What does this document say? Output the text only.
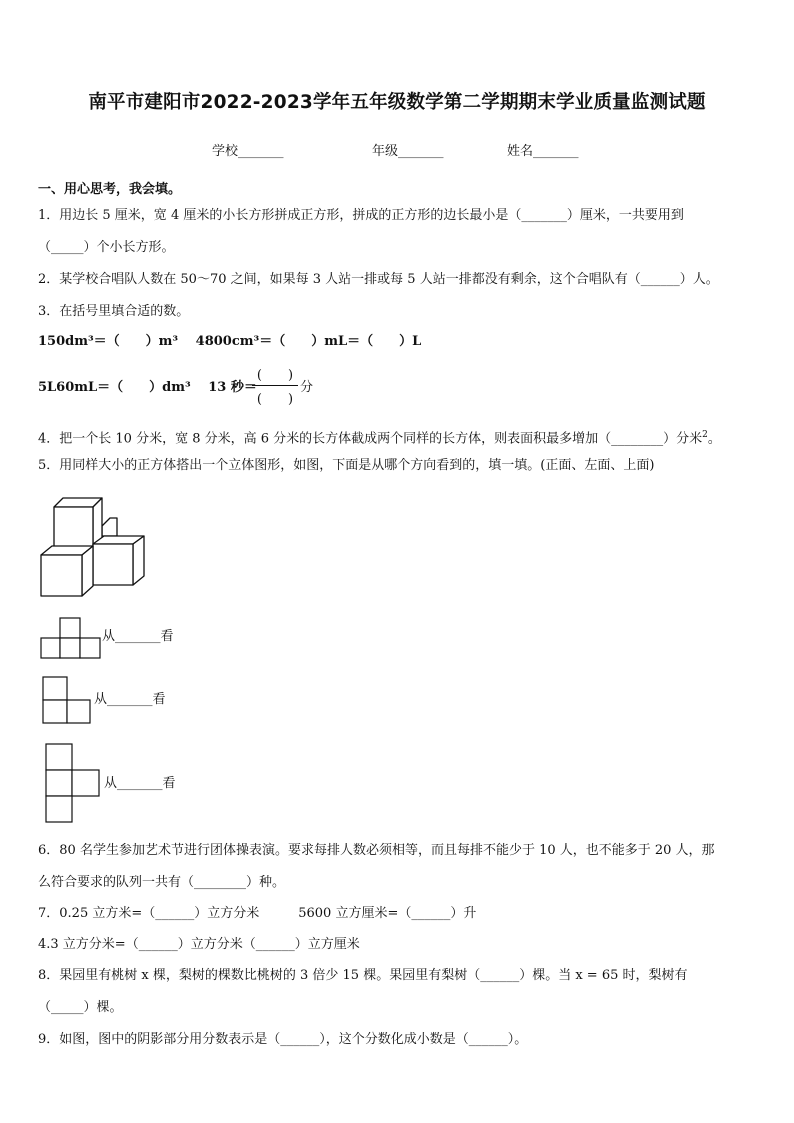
南平市建阳市2022-2023学年五年级数学第二学期期末学业质量监测试题
学校_______	年级_______	姓名_______
一、用心思考，我会填。
1．用边长 5 厘米，宽 4 厘米的小长方形拼成正方形，拼成的正方形的边长最小是（_______）厘米，一共要用到
（_____）个小长方形。
2．某学校合唱队人数在 50～70 之间，如果每 3 人站一排或每 5 人站一排都没有剩余，这个合唱队有（______）人。
3．在括号里填合适的数。
150dm³＝（　　）m³　 4800cm³＝（　　）mL＝（　　）L
5L60mL＝（　　）dm³　 13 秒＝
(　　)
(　　)
分
4．把一个长 10 分米，宽 8 分米，高 6 分米的长方体截成两个同样的长方体，则表面积最多增加（________）分米$^2$。
5．用同样大小的正方体搭出一个立体图形，如图，下面是从哪个方向看到的，填一填。(正面、左面、上面)
从_______看
从_______看
从_______看
6．80 名学生参加艺术节进行团体操表演。要求每排人数必须相等，而且每排不能少于 10 人，也不能多于 20 人，那
么符合要求的队列一共有（________）种。
7．0.25 立方米=（______）立方分米　　　5600 立方厘米=（______）升
4.3 立方分米=（______）立方分米（______）立方厘米
8．果园里有桃树 x 棵，梨树的棵数比桃树的 3 倍少 15 棵。果园里有梨树（______）棵。当 x = 65 时，梨树有
（_____）棵。
9．如图，图中的阴影部分用分数表示是（______），这个分数化成小数是（______）。
